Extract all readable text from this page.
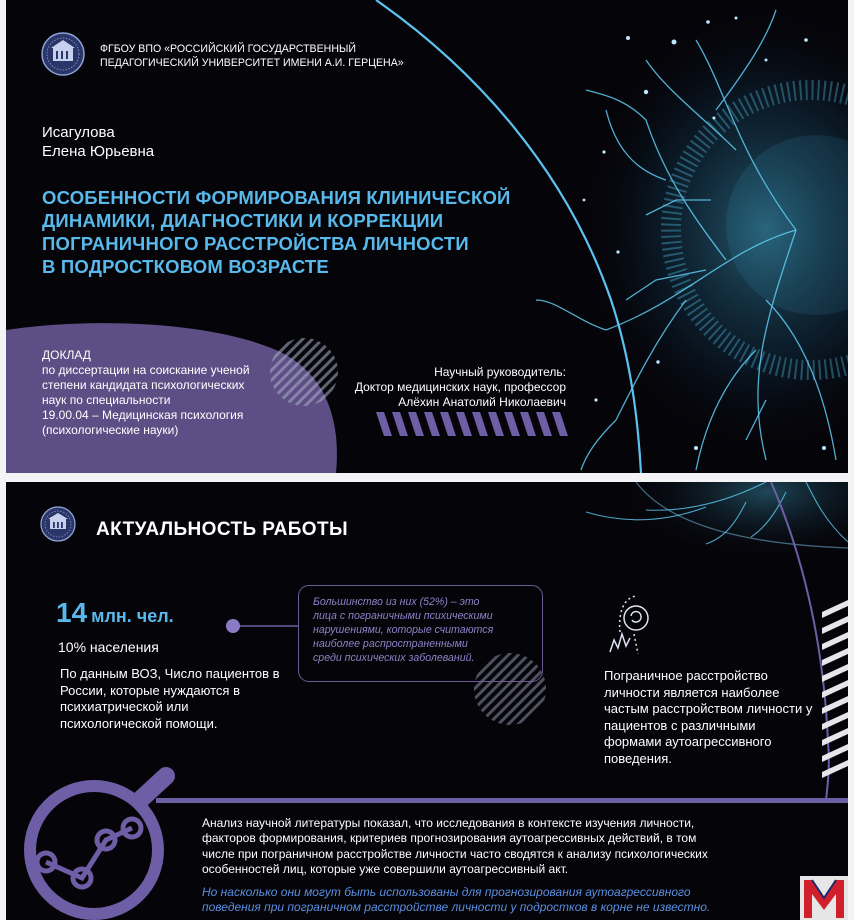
ФГБОУ ВПО «РОССИЙСКИЙ ГОСУДАРСТВЕННЫЙ
ПЕДАГОГИЧЕСКИЙ УНИВЕРСИТЕТ ИМЕНИ А.И. ГЕРЦЕНА»
Исагулова
Елена Юрьевна
ОСОБЕННОСТИ ФОРМИРОВАНИЯ КЛИНИЧЕСКОЙ
ДИНАМИКИ, ДИАГНОСТИКИ И КОРРЕКЦИИ
ПОГРАНИЧНОГО РАССТРОЙСТВА ЛИЧНОСТИ
В ПОДРОСТКОВОМ ВОЗРАСТЕ
ДОКЛАД
по диссертации на соискание ученой
степени кандидата психологических
наук по специальности
19.00.04 – Медицинская психология
(психологические науки)
Научный руководитель:
Доктор медицинских наук, профессор
Алёхин Анатолий Николаевич
АКТУАЛЬНОСТЬ РАБОТЫ
14 млн. чел.
10% населения
По данным ВОЗ, Число пациентов в России, которые нуждаются в психиатрической или психологической помощи.
Большинство из них (52%) – это
лица с пограничными психическими
нарушениями, которые считаются
наиболее распространенными
среди психических заболеваний.
Пограничное расстройство личности является наиболее частым расстройством личности у пациентов с различными формами аутоагрессивного поведения.
Анализ научной литературы показал, что исследования в контексте изучения личности,
факторов формирования, критериев прогнозирования аутоагрессивных действий, в том
числе при пограничном расстройстве личности часто сводятся к анализу психологических
особенностей лиц, которые уже совершили аутоагрессивный акт.
Но насколько они могут быть использованы для прогнозирования аутоагрессивного
поведения при пограничном расстройстве личности у подростков в корне не известно.
